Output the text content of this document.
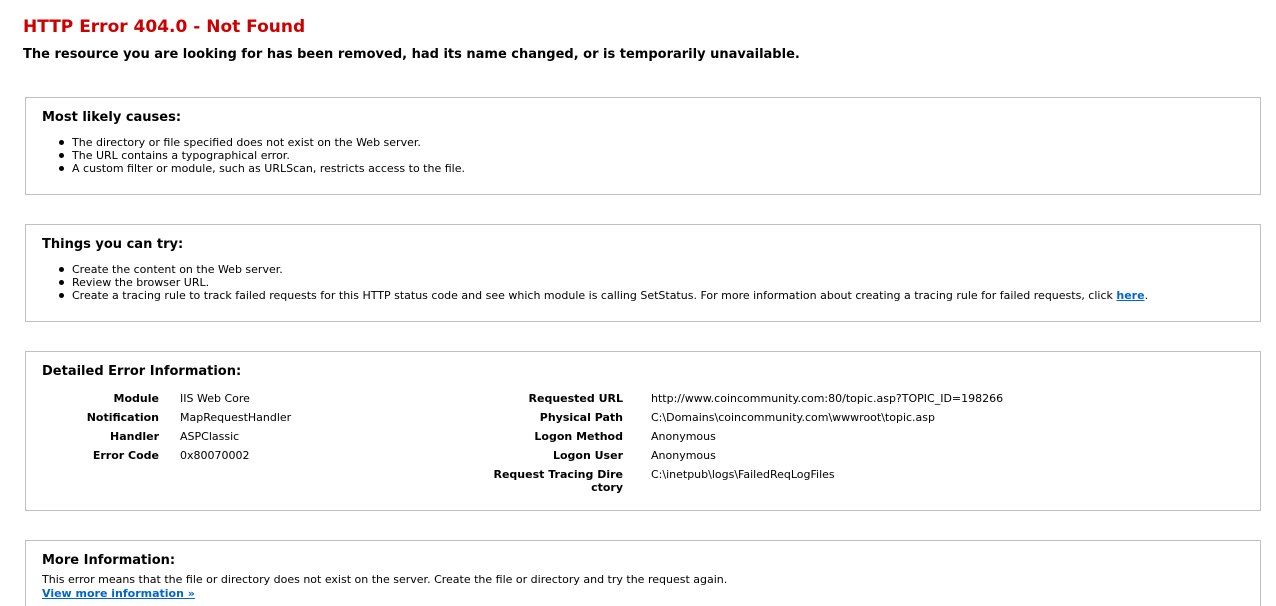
HTTP Error 404.0 - Not Found
The resource you are looking for has been removed, had its name changed, or is temporarily unavailable.
Most likely causes:
The directory or file specified does not exist on the Web server.
The URL contains a typographical error.
A custom filter or module, such as URLScan, restricts access to the file.
Things you can try:
Create the content on the Web server.
Review the browser URL.
Create a tracing rule to track failed requests for this HTTP status code and see which module is calling SetStatus. For more information about creating a tracing rule for failed requests, click here.
Detailed Error Information:
Module IIS Web Core
Notification MapRequestHandler
Handler ASPClassic
Error Code 0x80070002
Requested URL	http://www.coincommunity.com:80/topic.asp?TOPIC_ID=198266
Physical Path	C:\Domains\coincommunity.com\wwwroot\topic.asp
Logon Method	Anonymous
Logon User	Anonymous
Request Tracing Dire ctory
C:\inetpub\logs\FailedReqLogFiles
More Information:
This error means that the file or directory does not exist on the server. Create the file or directory and try the request again.
View more information »
